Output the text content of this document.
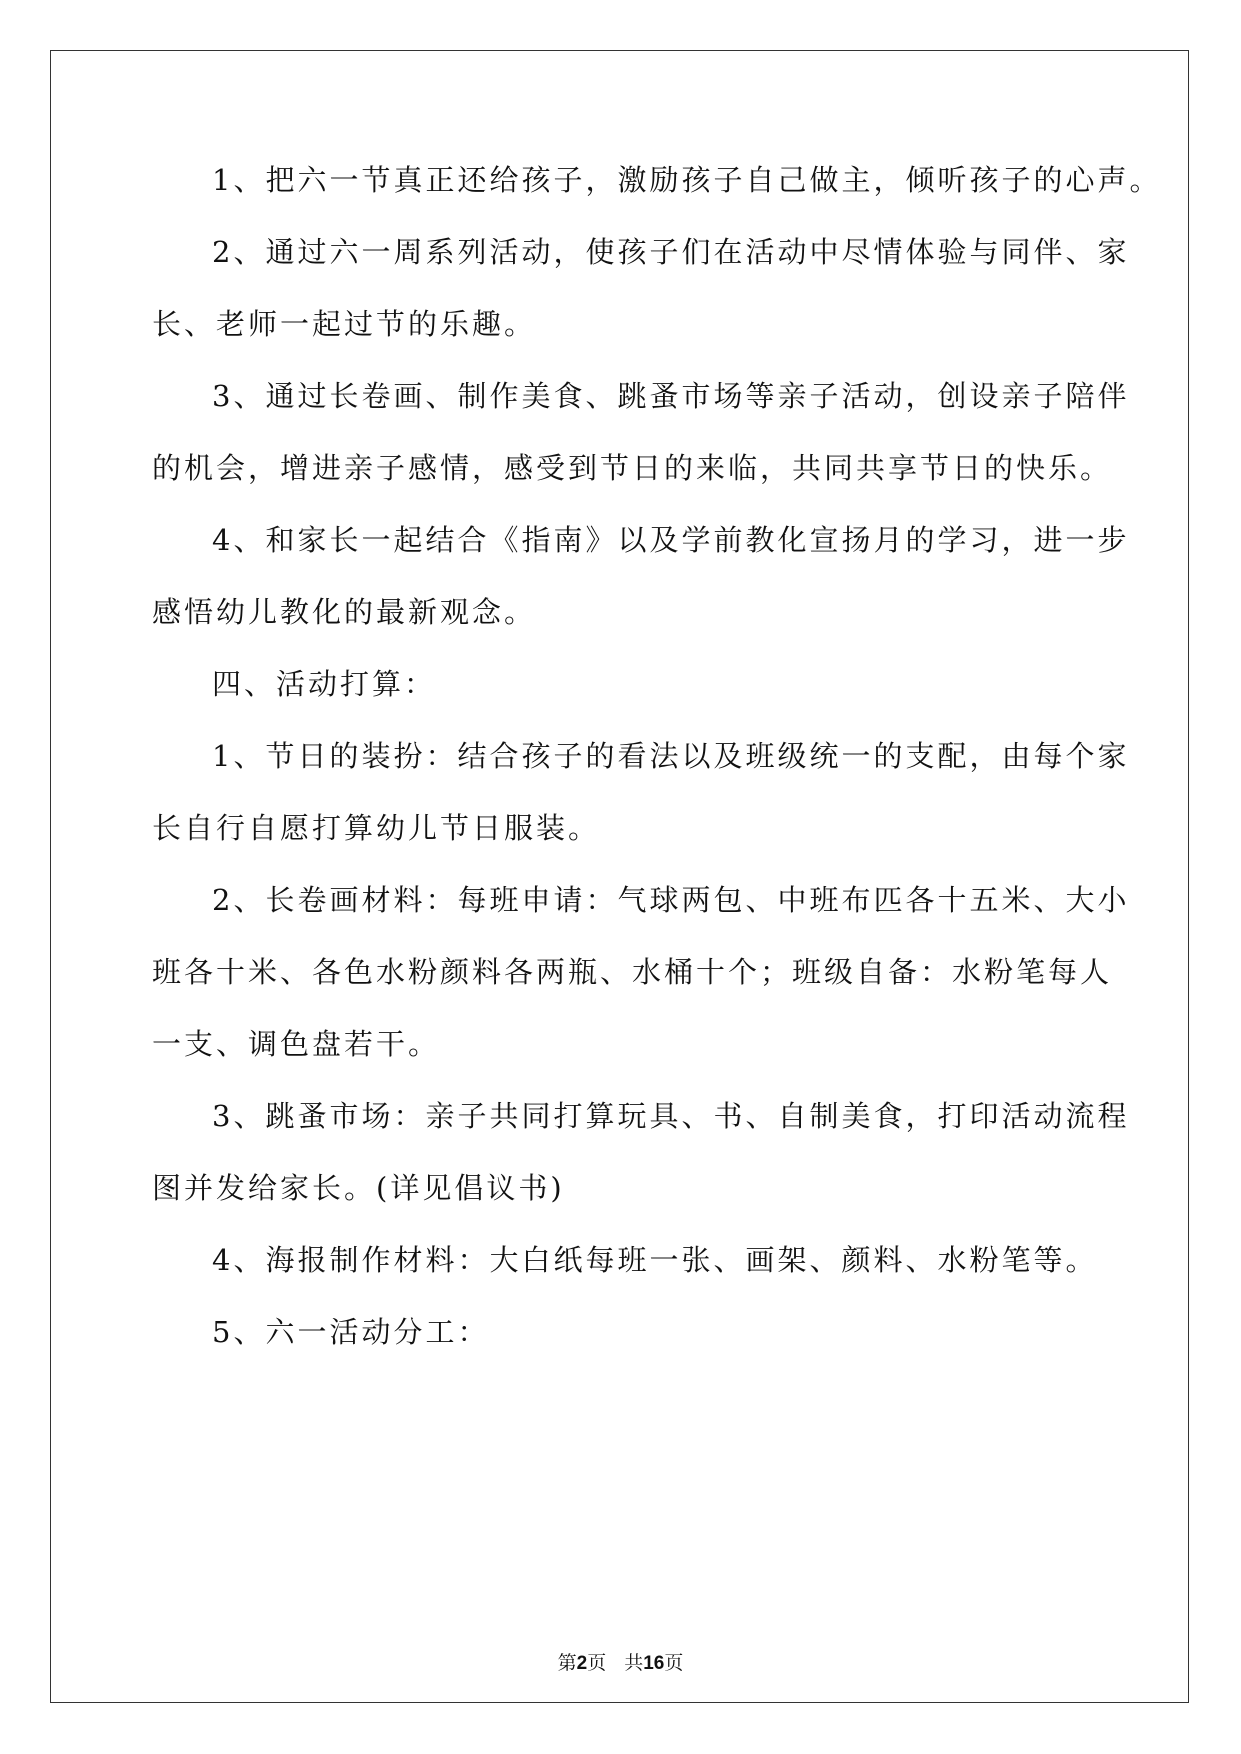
1、把六一节真正还给孩子，激励孩子自己做主，倾听孩子的心声。
2、通过六一周系列活动，使孩子们在活动中尽情体验与同伴、家
长、老师一起过节的乐趣。
3、通过长卷画、制作美食、跳蚤市场等亲子活动，创设亲子陪伴
的机会，增进亲子感情，感受到节日的来临，共同共享节日的快乐。
4、和家长一起结合《指南》以及学前教化宣扬月的学习，进一步
感悟幼儿教化的最新观念。
四、活动打算：
1、节日的装扮：结合孩子的看法以及班级统一的支配，由每个家
长自行自愿打算幼儿节日服装。
2、长卷画材料：每班申请：气球两包、中班布匹各十五米、大小
班各十米、各色水粉颜料各两瓶、水桶十个；班级自备：水粉笔每人
一支、调色盘若干。
3、跳蚤市场：亲子共同打算玩具、书、自制美食，打印活动流程
图并发给家长。(详见倡议书)
4、海报制作材料：大白纸每班一张、画架、颜料、水粉笔等。
5、六一活动分工：
第2页 共16页
